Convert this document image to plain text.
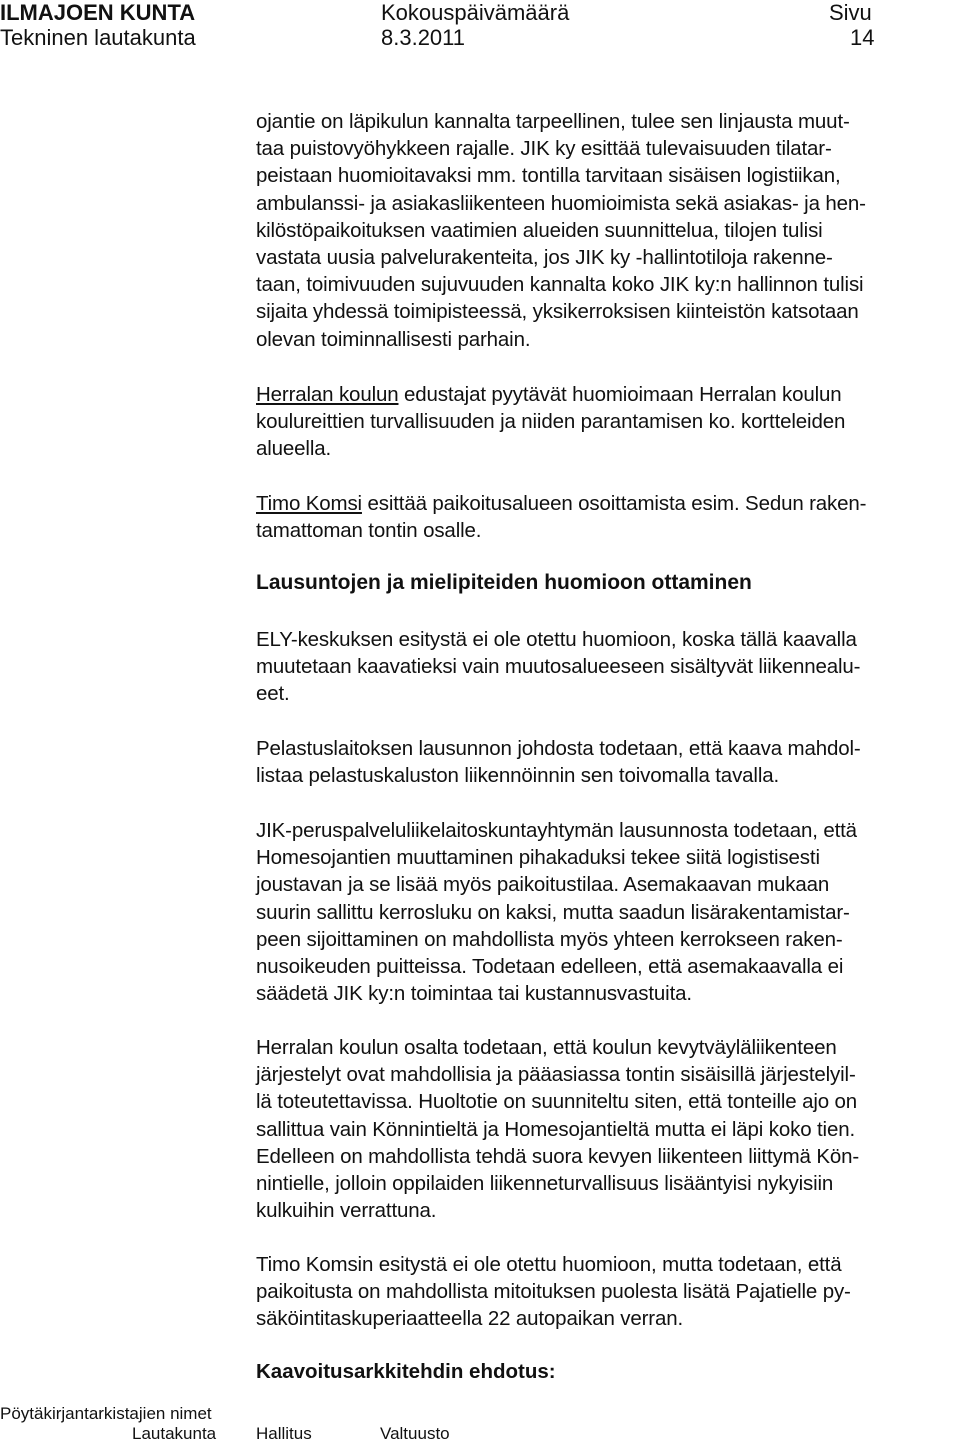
ILMAJOEN KUNTA
Tekninen lautakunta
Kokouspäivämäärä
8.3.2011
Sivu
14
ojantie on läpikulun kannalta tarpeellinen, tulee sen linjausta muut-
taa puistovyöhykkeen rajalle. JIK ky esittää tulevaisuuden tilatar-
peistaan huomioitavaksi mm. tontilla tarvitaan sisäisen logistiikan,
ambulanssi- ja asiakasliikenteen huomioimista sekä asiakas- ja hen-
kilöstöpaikoituksen vaatimien alueiden suunnittelua, tilojen tulisi
vastata uusia palvelurakenteita, jos JIK ky -hallintotiloja rakenne-
taan, toimivuuden sujuvuuden kannalta koko JIK ky:n hallinnon tulisi
sijaita yhdessä toimipisteessä, yksikerroksisen kiinteistön katsotaan
olevan toiminnallisesti parhain.
Herralan koulun edustajat pyytävät huomioimaan Herralan koulun
koulureittien turvallisuuden ja niiden parantamisen ko. kortteleiden
alueella.
Timo Komsi esittää paikoitusalueen osoittamista esim. Sedun raken-
tamattoman tontin osalle.
Lausuntojen ja mielipiteiden huomioon ottaminen
ELY-keskuksen esitystä ei ole otettu huomioon, koska tällä kaavalla
muutetaan kaavatieksi vain muutosalueeseen sisältyvät liikennealu-
eet.
Pelastuslaitoksen lausunnon johdosta todetaan, että kaava mahdol-
listaa pelastuskaluston liikennöinnin sen toivomalla tavalla.
JIK-peruspalveluliikelaitoskuntayhtymän lausunnosta todetaan, että
Homesojantien muuttaminen pihakaduksi tekee siitä logistisesti
joustavan ja se lisää myös paikoitustilaa. Asemakaavan mukaan
suurin sallittu kerrosluku on kaksi, mutta saadun lisärakentamistar-
peen sijoittaminen on mahdollista myös yhteen kerrokseen raken-
nusoikeuden puitteissa. Todetaan edelleen, että asemakaavalla ei
säädetä JIK ky:n toimintaa tai kustannusvastuita.
Herralan koulun osalta todetaan, että koulun kevytväyläliikenteen
järjestelyt ovat mahdollisia ja pääasiassa tontin sisäisillä järjestelyil-
lä toteutettavissa. Huoltotie on suunniteltu siten, että tonteille ajo on
sallittua vain Könnintieltä ja Homesojantieltä mutta ei läpi koko tien.
Edelleen on mahdollista tehdä suora kevyen liikenteen liittymä Kön-
nintielle, jolloin oppilaiden liikenneturvallisuus lisääntyisi nykyisiin
kulkuihin verrattuna.
Timo Komsin esitystä ei ole otettu huomioon, mutta todetaan, että
paikoitusta on mahdollista mitoituksen puolesta lisätä Pajatielle py-
säköintitaskuperiaatteella 22 autopaikan verran.
Kaavoitusarkkitehdin ehdotus:
Pöytäkirjantarkistajien nimet
Lautakunta Hallitus	Valtuusto
